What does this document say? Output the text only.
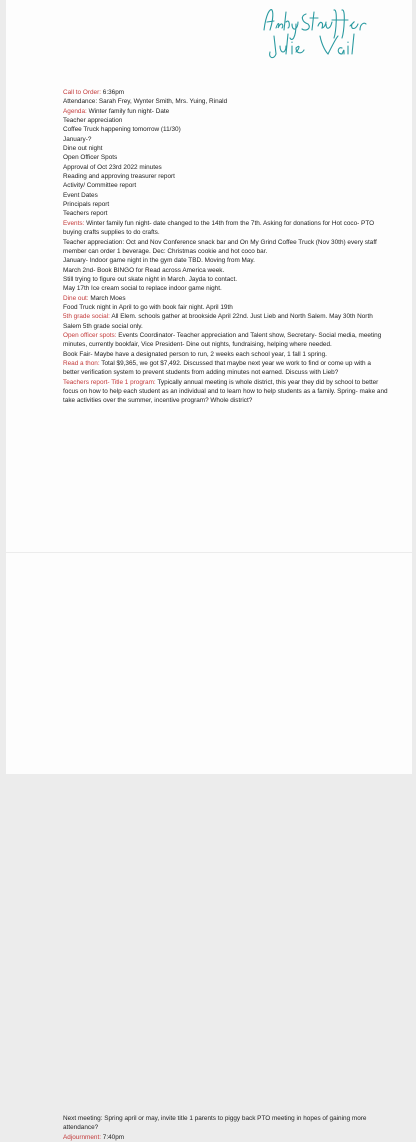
Call to Order: 6:36pm

Attendance: Sarah Frey, Wynter Smith, Mrs. Yuing, Rinald

Agenda: Winter family fun night- Date

Teacher appreciation

Coffee Truck happening tomorrow (11/30)

January-?

Dine out night

Open Officer Spots

Approval of Oct 23rd 2022 minutes

Reading and approving treasurer report

Activity/ Committee report

Event Dates

Principals report

Teachers report

Events: Winter family fun night- date changed to the 14th from the 7th. Asking for donations for Hot coco- PTO buying crafts supplies to do crafts.

Teacher appreciation: Oct and Nov Conference snack bar and On My Grind Coffee Truck (Nov 30th) every staff member can order 1 beverage. Dec: Christmas cookie and hot coco bar.

January- Indoor game night in the gym date TBD. Moving from May.

March 2nd- Book BINGO for Read across America week.

Still trying to figure out skate night in March. Jayda to contact.

May 17th Ice cream social to replace indoor game night.

Dine out: March Moes

Food Truck night in April to go with book fair night. April 19th

5th grade social: All Elem. schools gather at brookside April 22nd. Just Lieb and North Salem. May 30th North Salem 5th grade social only.

Open officer spots: Events Coordinator- Teacher appreciation and Talent show, Secretary- Social media, meeting minutes, currently bookfair, Vice President- Dine out nights, fundraising, helping where needed.

Book Fair- Maybe have a designated person to run, 2 weeks each school year, 1 fall 1 spring.

Read a thon: Total $9,365, we got $7,492. Discussed that maybe next year we work to find or come up with a better verification system to prevent students from adding minutes not earned. Discuss with Lieb?

Teachers report- Title 1 program: Typically annual meeting is whole district, this year they did by school to better focus on how to help each student as an individual and to learn how to help students as a family. Spring- make and take activities over the summer, incentive program? Whole district?

Next meeting: Spring april or may, invite title 1 parents to piggy back PTO meeting in hopes of gaining more attendance?

Adjournment: 7:40pm
